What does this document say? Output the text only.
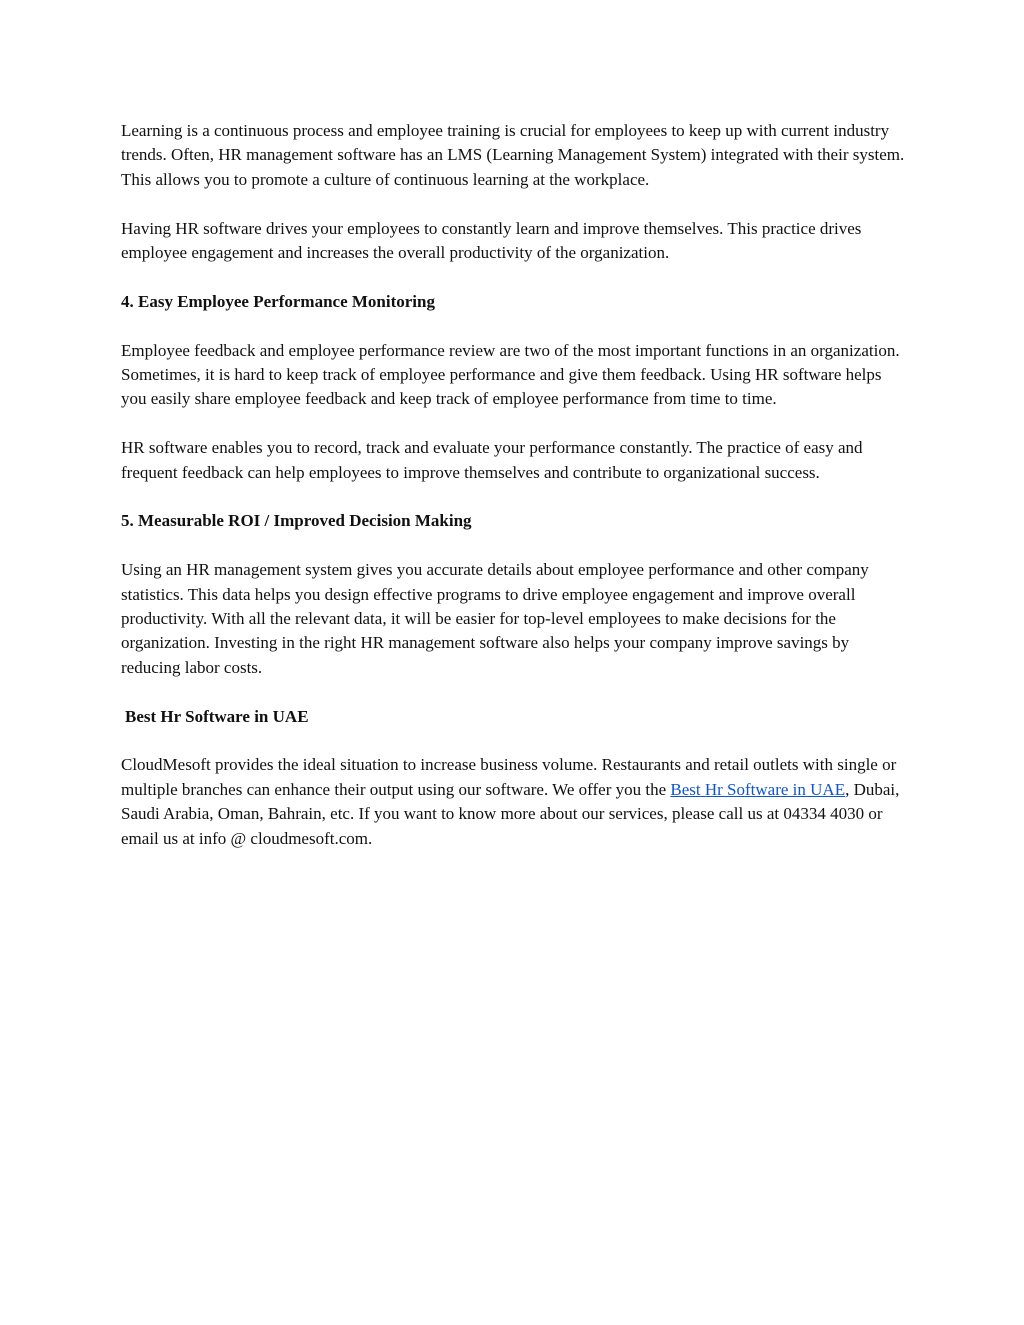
Learning is a continuous process and employee training is crucial for employees to keep up with current industry trends. Often, HR management software has an LMS (Learning Management System) integrated with their system. This allows you to promote a culture of continuous learning at the workplace.

Having HR software drives your employees to constantly learn and improve themselves. This practice drives employee engagement and increases the overall productivity of the organization.

4. Easy Employee Performance Monitoring

Employee feedback and employee performance review are two of the most important functions in an organization. Sometimes, it is hard to keep track of employee performance and give them feedback. Using HR software helps you easily share employee feedback and keep track of employee performance from time to time.

HR software enables you to record, track and evaluate your performance constantly. The practice of easy and frequent feedback can help employees to improve themselves and contribute to organizational success.

5. Measurable ROI / Improved Decision Making

Using an HR management system gives you accurate details about employee performance and other company statistics. This data helps you design effective programs to drive employee engagement and improve overall productivity. With all the relevant data, it will be easier for top-level employees to make decisions for the organization. Investing in the right HR management software also helps your company improve savings by reducing labor costs.

Best Hr Software in UAE

CloudMesoft provides the ideal situation to increase business volume. Restaurants and retail outlets with single or multiple branches can enhance their output using our software. We offer you the Best Hr Software in UAE, Dubai, Saudi Arabia, Oman, Bahrain, etc. If you want to know more about our services, please call us at 04334 4030 or email us at info @ cloudmesoft.com.
